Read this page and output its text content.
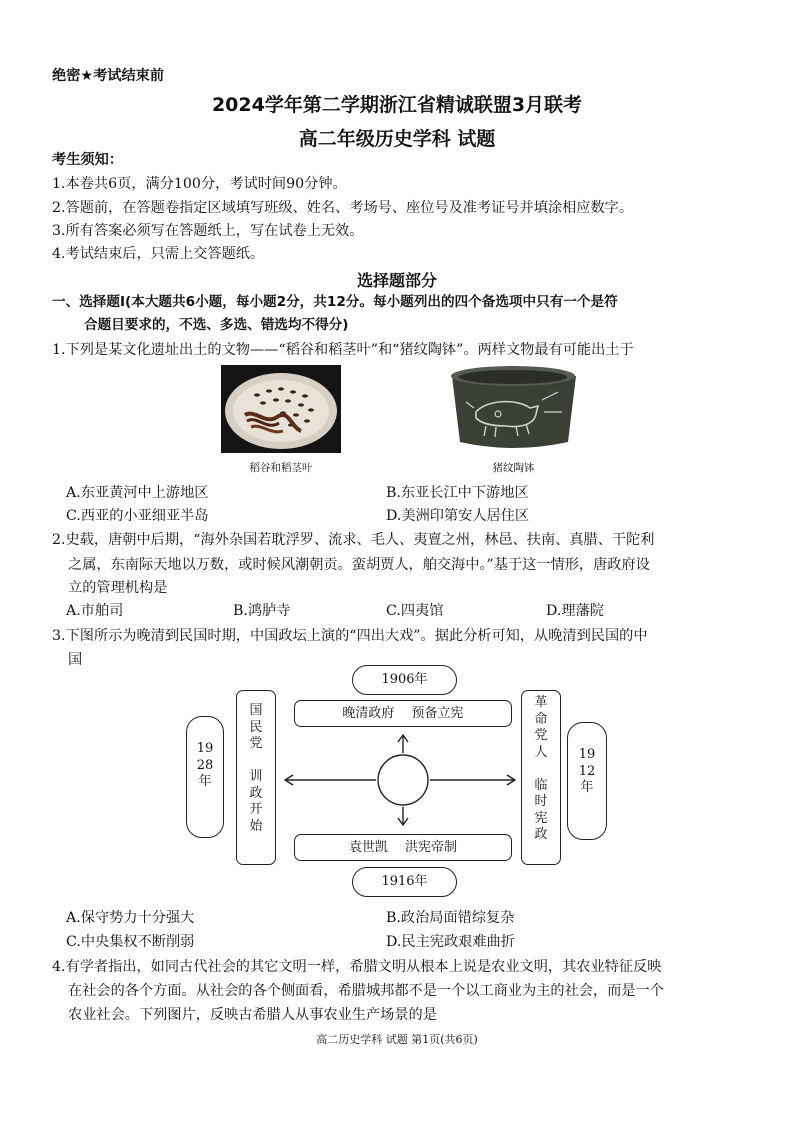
绝密★考试结束前
2024学年第二学期浙江省精诚联盟3月联考
高二年级历史学科 试题
考生须知：
1.本卷共6页，满分100分，考试时间90分钟。
2.答题前，在答题卷指定区域填写班级、姓名、考场号、座位号及准考证号并填涂相应数字。
3.所有答案必须写在答题纸上，写在试卷上无效。
4.考试结束后，只需上交答题纸。
选择题部分
一、选择题Ⅰ(本大题共6小题，每小题2分，共12分。每小题列出的四个备选项中只有一个是符
合题目要求的，不选、多选、错选均不得分)
1.下列是某文化遗址出土的文物——“稻谷和稻茎叶”和“猪纹陶钵”。两样文物最有可能出土于
稻谷和稻茎叶	猪纹陶钵
A.东亚黄河中上游地区	B.东亚长江中下游地区
C.西亚的小亚细亚半岛	D.美洲印第安人居住区
2.史载，唐朝中后期，“海外杂国若耽浮罗、流求、毛人、夷亶之州，林邑、扶南、真腊、干陀利
之属，东南际天地以万数，或时候风潮朝贡。蛮胡贾人，舶交海中。”基于这一情形，唐政府设
立的管理机构是
A.市舶司	B.鸿胪寺	C.四夷馆	D.理藩院
3.下图所示为晚清到民国时期，中国政坛上演的“四出大戏”。据此分析可知，从晚清到民国的中
国
1906年
晚清政府　 预备立宪
袁世凯　 洪宪帝制
1916年
19
28
年
国
民
党
训
政
开
始
革
命
党
人
临
时
宪
政
19
12
年
A.保守势力十分强大	B.政治局面错综复杂
C.中央集权不断削弱	D.民主宪政艰难曲折
4.有学者指出，如同古代社会的其它文明一样，希腊文明从根本上说是农业文明，其农业特征反映
在社会的各个方面。从社会的各个侧面看，希腊城邦都不是一个以工商业为主的社会，而是一个
农业社会。下列图片，反映古希腊人从事农业生产场景的是
高二历史学科 试题 第1页(共6页)
